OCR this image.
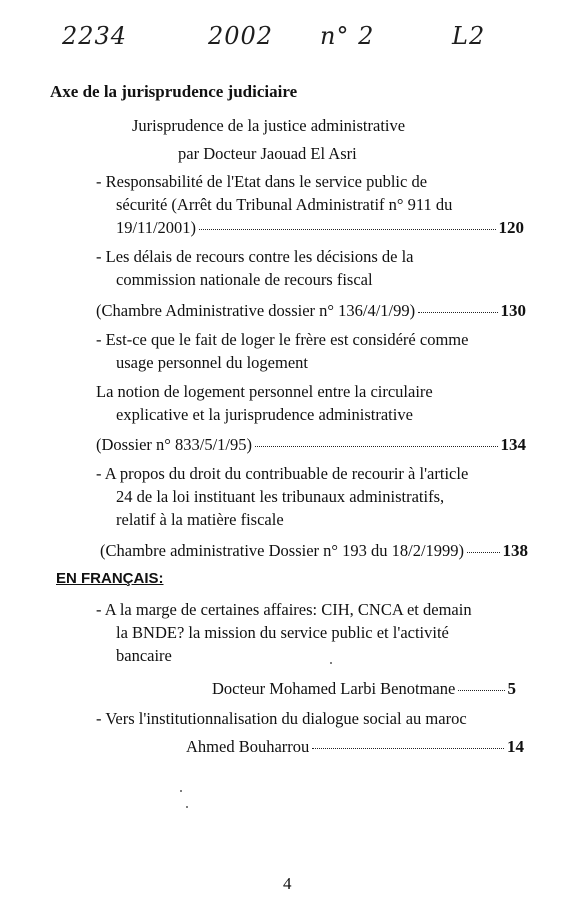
2234	2002 n° 2	L2
Axe de la jurisprudence judiciaire
Jurisprudence de la justice administrative
par Docteur Jaouad El Asri
- Responsabilité de l'Etat dans le service public de
sécurité (Arrêt du Tribunal Administratif n° 911 du
19/11/2001)	120
- Les délais de recours contre les décisions de la
commission nationale de recours fiscal
(Chambre Administrative dossier n° 136/4/1/99)	130
- Est-ce que le fait de loger le frère est considéré comme
usage personnel du logement
La notion de logement personnel entre la circulaire
explicative et la jurisprudence administrative
(Dossier n° 833/5/1/95)	134
- A propos du droit du contribuable de recourir à l'article
24 de la loi instituant les tribunaux administratifs,
relatif à la matière fiscale
(Chambre administrative Dossier n° 193 du 18/2/1999) 138
EN FRANÇAIS:
- A la marge de certaines affaires: CIH, CNCA et demain
la BNDE? la mission du service public et l'activité
bancaire
Docteur Mohamed Larbi Benotmane	5
- Vers l'institutionnalisation du dialogue social au maroc
Ahmed Bouharrou	14
4
